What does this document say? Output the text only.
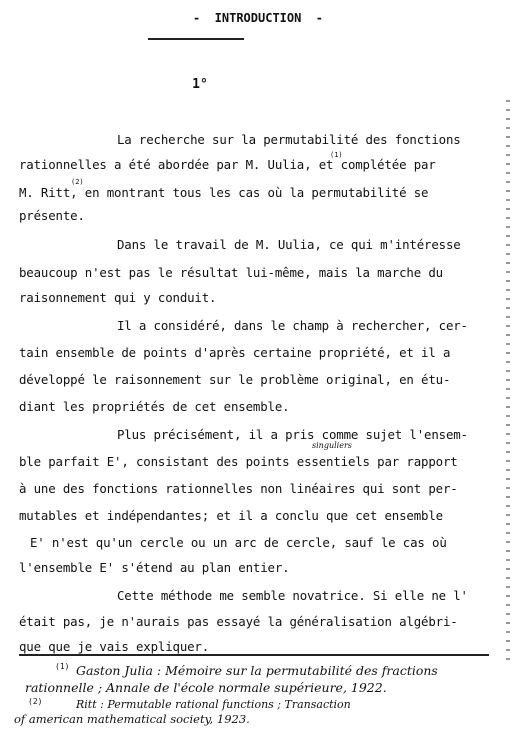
-  INTRODUCTION  -
1°
La recherche sur la permutabilité des fonctions
rationnelles a été abordée par M. Uulia, et complétée par
(1)
M. Ritt, en montrant tous les cas où la permutabilité se
(2)
présente.
Dans le travail de M. Uulia, ce qui m'intéresse
beaucoup n'est pas le résultat lui-même, mais la marche du
raisonnement qui y conduit.
Il a considéré, dans le champ à rechercher, cer-
tain ensemble de points d'après certaine propriété, et il a
développé le raisonnement sur le problème original, en étu-
diant les propriétés de cet ensemble.
Plus précisément, il a pris comme sujet l'ensem-
singuliers
ble parfait E', consistant des points essentiels par rapport
à une des fonctions rationnelles non linéaires qui sont per-
mutables et indépendantes; et il a conclu que cet ensemble
E' n'est qu'un cercle ou un arc de cercle, sauf le cas où
l'ensemble E' s'étend au plan entier.
Cette méthode me semble novatrice. Si elle ne l'
était pas, je n'aurais pas essayé la généralisation algébri-
que que je vais expliquer.
(1) Gaston Julia : Mémoire sur la permutabilité des fractions
rationnelle ; Annale de l'école normale supérieure, 1922.
(2)	Ritt : Permutable rational functions ; Transaction
of american mathematical society, 1923.
